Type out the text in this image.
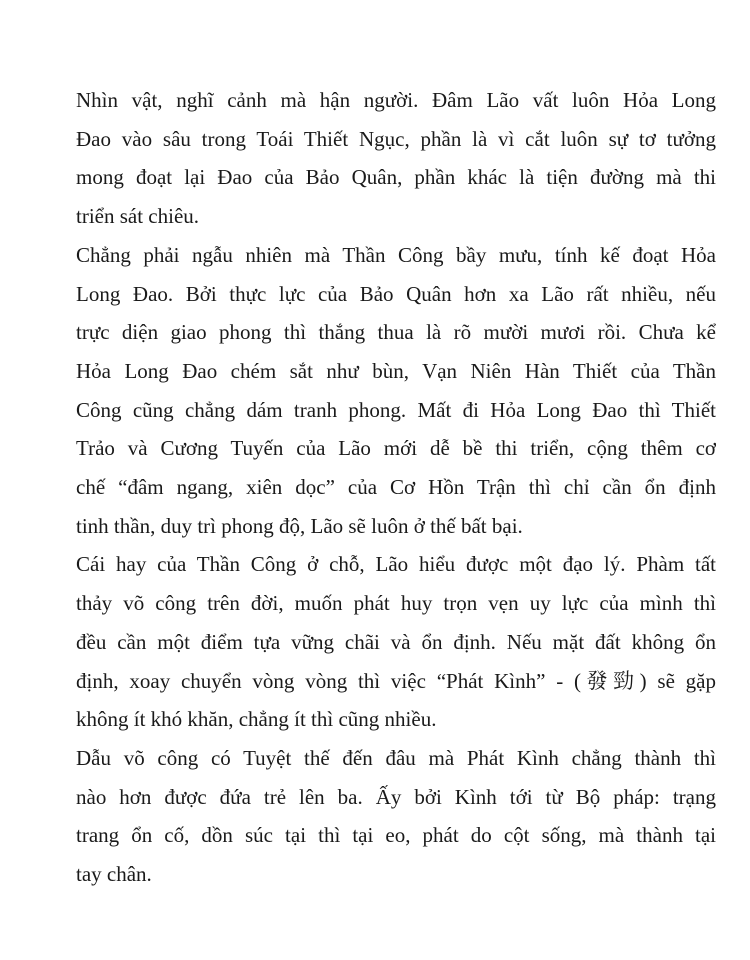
Nhìn vật, nghĩ cảnh mà hận người. Đâm Lão vất luôn Hỏa Long
Đao vào sâu trong Toái Thiết Ngục, phần là vì cắt luôn sự tơ tưởng
mong đoạt lại Đao của Bảo Quân, phần khác là tiện đường mà thi
triển sát chiêu.
Chẳng phải ngẫu nhiên mà Thần Công bầy mưu, tính kế đoạt Hỏa
Long Đao. Bởi thực lực của Bảo Quân hơn xa Lão rất nhiều, nếu
trực diện giao phong thì thắng thua là rõ mười mươi rồi. Chưa kể
Hỏa Long Đao chém sắt như bùn, Vạn Niên Hàn Thiết của Thần
Công cũng chẳng dám tranh phong. Mất đi Hỏa Long Đao thì Thiết
Trảo và Cương Tuyến của Lão mới dễ bề thi triển, cộng thêm cơ
chế “đâm ngang, xiên dọc” của Cơ Hồn Trận thì chỉ cần ổn định
tinh thần, duy trì phong độ, Lão sẽ luôn ở thế bất bại.
Cái hay của Thần Công ở chỗ, Lão hiểu được một đạo lý. Phàm tất
thảy võ công trên đời, muốn phát huy trọn vẹn uy lực của mình thì
đều cần một điểm tựa vững chãi và ổn định. Nếu mặt đất không ổn
định, xoay chuyển vòng vòng thì việc “Phát Kình” - (發勁) sẽ gặp
không ít khó khăn, chẳng ít thì cũng nhiều.
Dẫu võ công có Tuyệt thế đến đâu mà Phát Kình chẳng thành thì
nào hơn được đứa trẻ lên ba. Ấy bởi Kình tới từ Bộ pháp: trạng
trang ổn cố, dồn súc tại thì tại eo, phát do cột sống, mà thành tại
tay chân.
